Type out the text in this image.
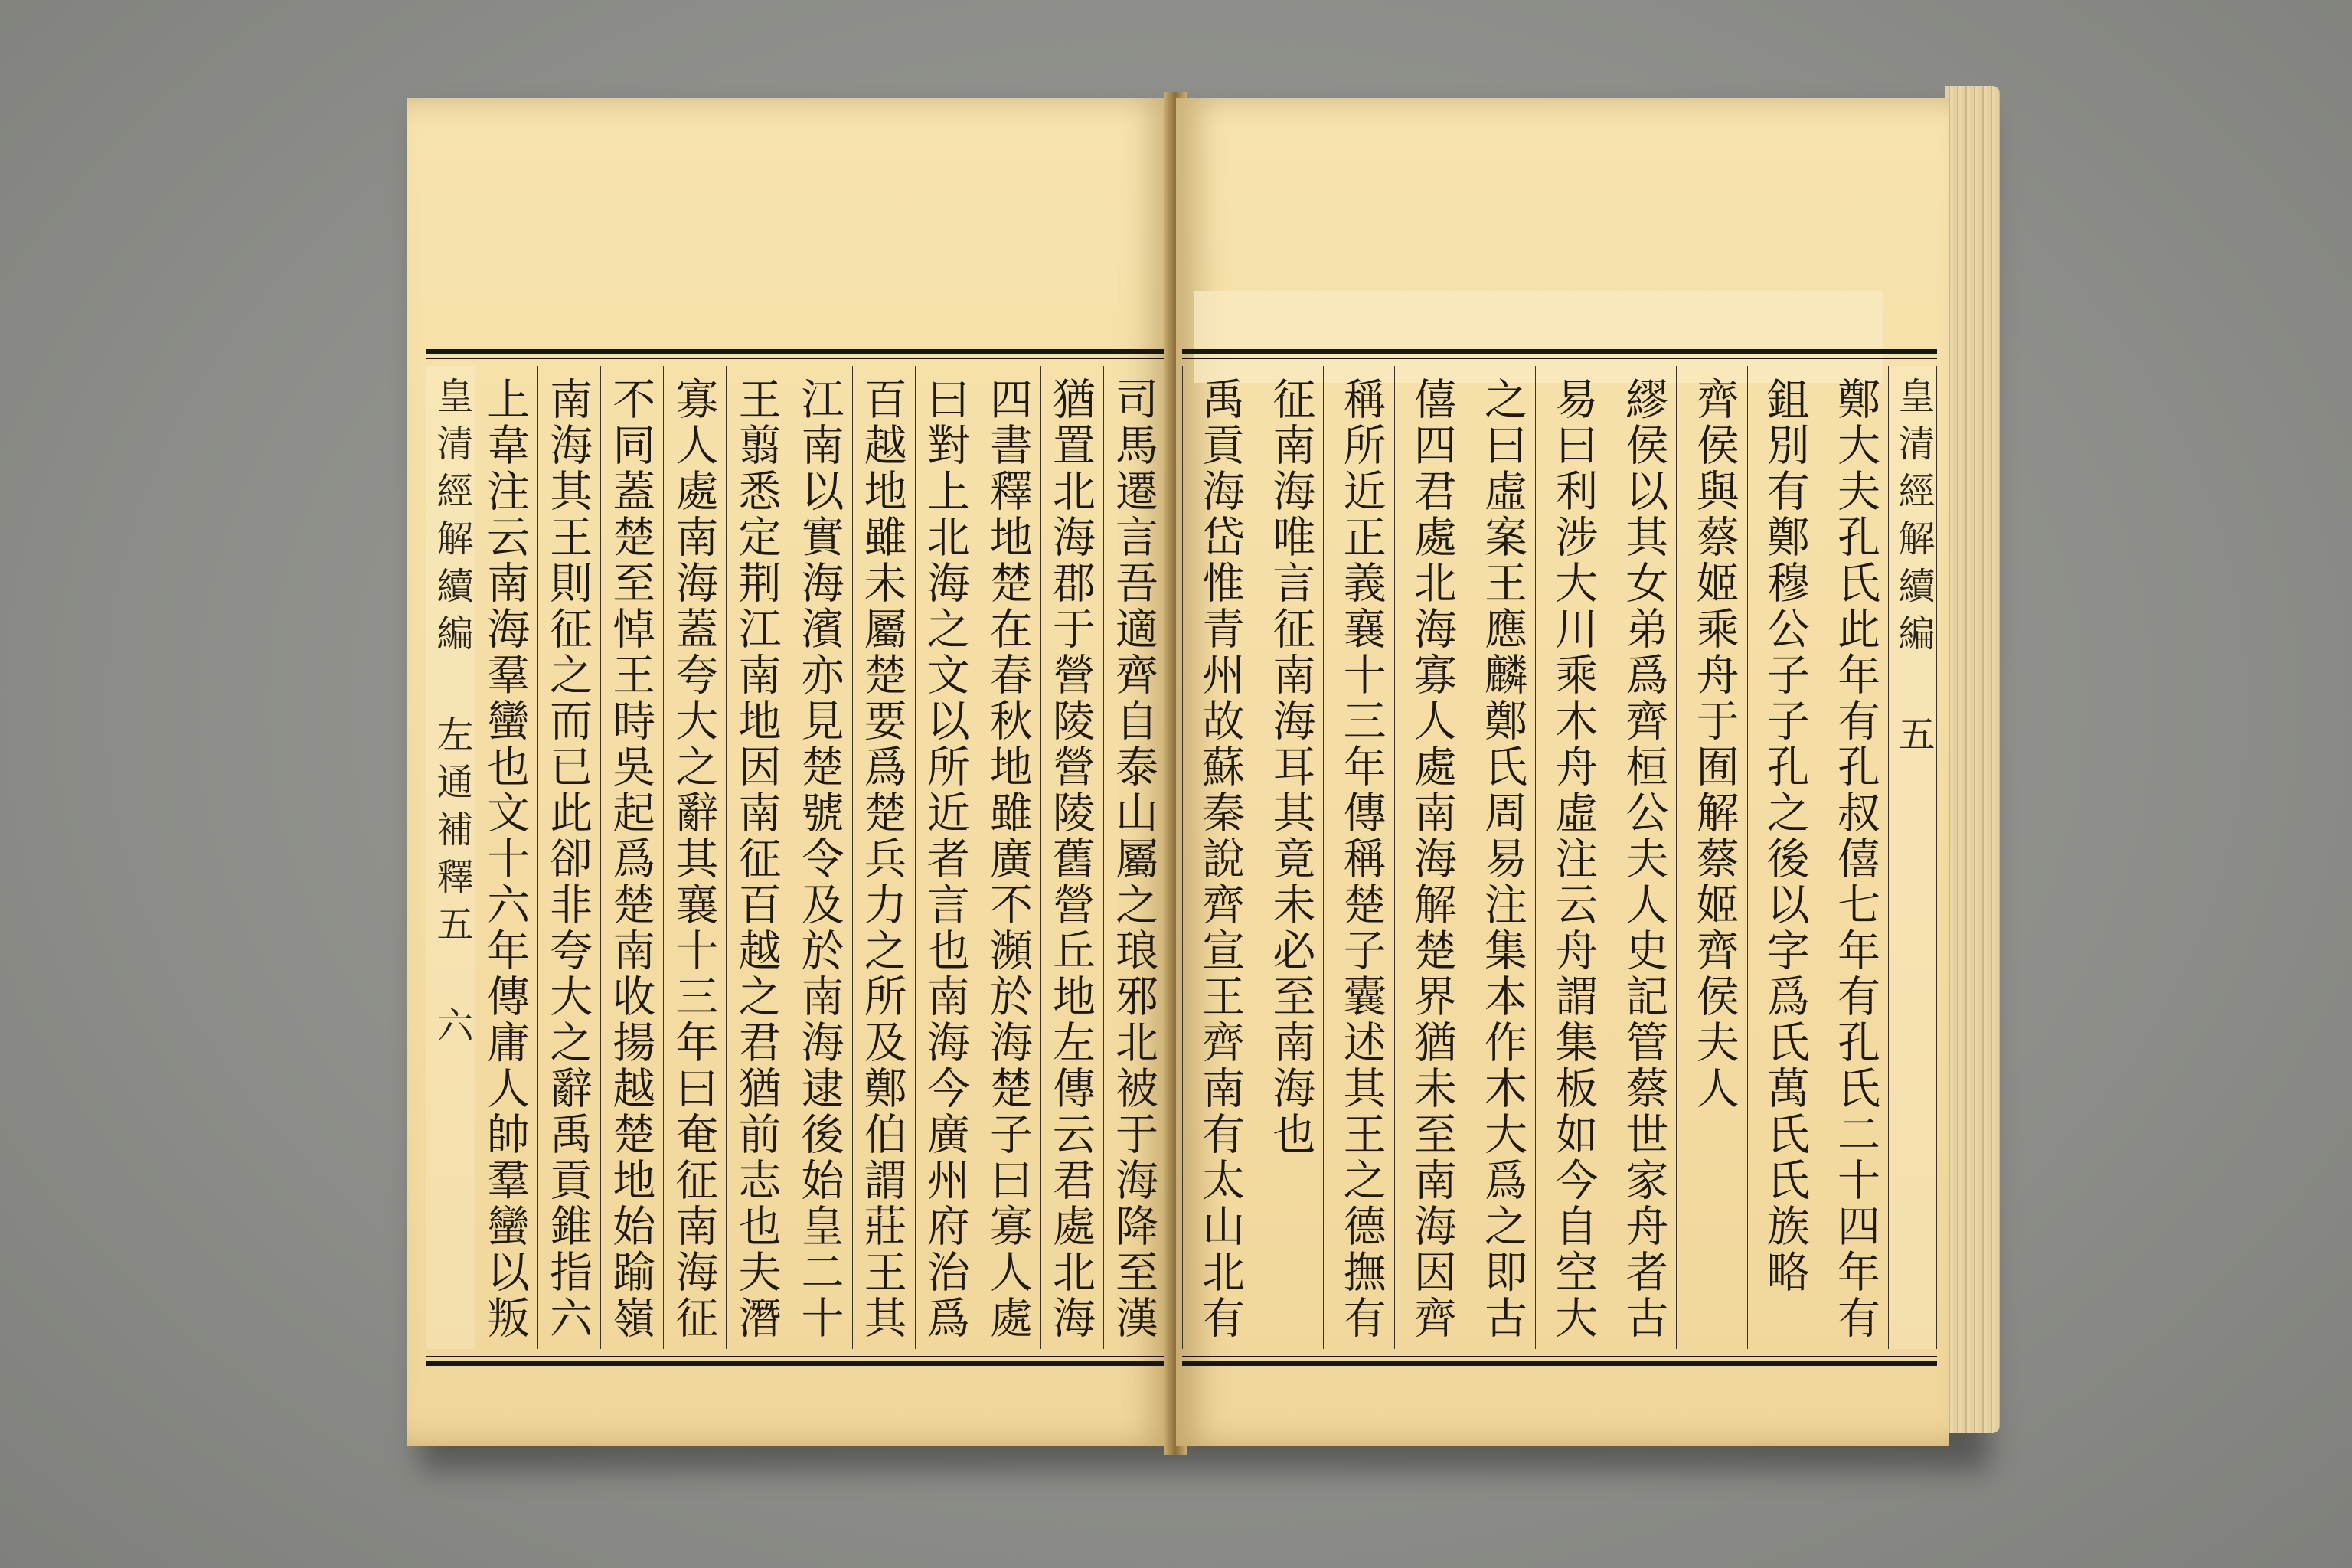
司馬遷言吾適齊自泰山屬之琅邪北被于海降至漢
猶置北海郡于營陵營陵舊營丘地左傳云君處北海
四書釋地楚在春秋地雖廣不瀕於海楚子曰寡人處
曰對上北海之文以所近者言也南海今廣州府治爲
百越地雖未屬楚要爲楚兵力之所及鄭伯謂莊王其
江南以實海濱亦見楚號令及於南海逮後始皇二十
王翦悉定荆江南地因南征百越之君猶前志也夫潛
寡人處南海蓋夸大之辭其襄十三年曰奄征南海征
不同蓋楚至悼王時吳起爲楚南收揚越楚地始踰嶺
南海其王則征之而已此卻非夸大之辭禹貢錐指六
上韋注云南海羣蠻也文十六年傳庸人帥羣蠻以叛
皇清經解續編 左通補釋五 六
皇清經解續編 五
鄭大夫孔氏此年有孔叔僖七年有孔氏二十四年有
鉏別有鄭穆公子子孔之後以字爲氏萬氏氏族略
齊侯與蔡姬乘舟于囿解蔡姬齊侯夫人
繆侯以其女弟爲齊桓公夫人史記管蔡世家舟者古
易曰利涉大川乘木舟虛注云舟謂集板如今自空大
之曰虛案王應麟鄭氏周易注集本作木大爲之即古
僖四君處北海寡人處南海解楚界猶未至南海因齊
稱所近正義襄十三年傳稱楚子囊述其王之德撫有
征南海唯言征南海耳其竟未必至南海也
禹貢海岱惟青州故蘇秦說齊宣王齊南有太山北有
